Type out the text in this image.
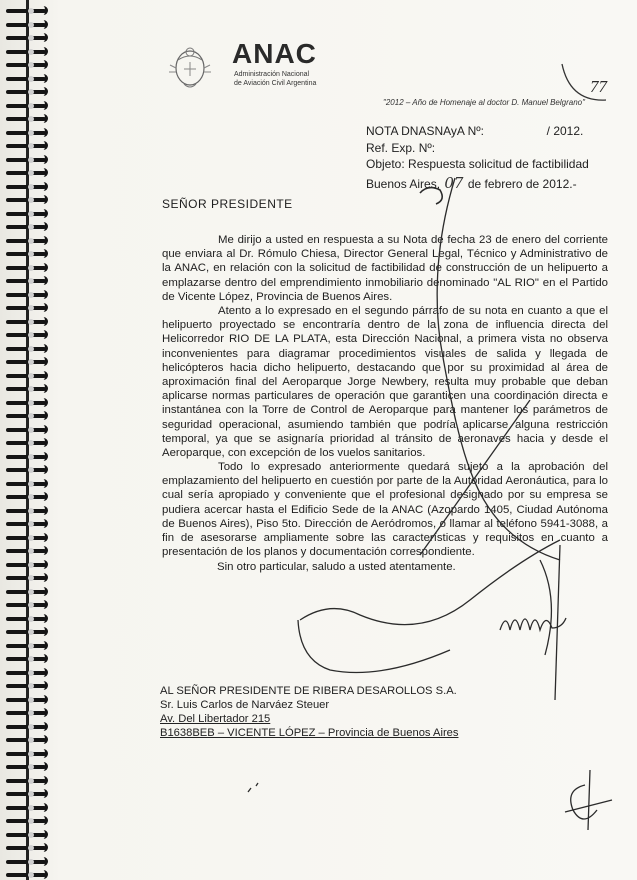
ANAC
Administración Nacional
de Aviación Civil Argentina
"2012 – Año de Homenaje al doctor D. Manuel Belgrano"
77
NOTA DNASNAyA Nº:	/ 2012.
Ref. Exp. Nº:
Objeto: Respuesta solicitud de factibilidad
Buenos Aires, 07 de febrero de 2012.-
SEÑOR PRESIDENTE
Me dirijo a usted en respuesta a su Nota de fecha 23 de enero del corriente que enviara al Dr. Rómulo Chiesa, Director General Legal, Técnico y Administrativo de la ANAC, en relación con la solicitud de factibilidad de construcción de un helipuerto a emplazarse dentro del emprendimiento inmobiliario denominado "AL RIO" en el Partido de Vicente López, Provincia de Buenos Aires.
Atento a lo expresado en el segundo párrafo de su nota en cuanto a que el helipuerto proyectado se encontraría dentro de la zona de influencia directa del Helicorredor RIO DE LA PLATA, esta Dirección Nacional, a primera vista no observa inconvenientes para diagramar procedimientos visuales de salida y llegada de helicópteros hacia dicho helipuerto, destacando que por su proximidad al área de aproximación final del Aeroparque Jorge Newbery, resulta muy probable que deban aplicarse normas particulares de operación que garanticen una coordinación directa e instantánea con la Torre de Control de Aeroparque para mantener los parámetros de seguridad operacional, asumiendo también que podría aplicarse alguna restricción temporal, ya que se asignaría prioridad al tránsito de aeronaves hacia y desde el Aeroparque, con excepción de los vuelos sanitarios.
Todo lo expresado anteriormente quedará sujeto a la aprobación del emplazamiento del helipuerto en cuestión por parte de la Autoridad Aeronáutica, para lo cual sería apropiado y conveniente que el profesional designado por su empresa se pudiera acercar hasta el Edificio Sede de la ANAC (Azopardo 1405, Ciudad Autónoma de Buenos Aires), Piso 5to. Dirección de Aeródromos, o llamar al teléfono 5941-3088, a fin de asesorarse ampliamente sobre las características y requisitos en cuanto a presentación de los planos y documentación correspondiente.
Sin otro particular, saludo a usted atentamente.
AL SEÑOR PRESIDENTE DE RIBERA DESAROLLOS S.A.
Sr. Luis Carlos de Narváez Steuer
Av. Del Libertador 215
B1638BEB – VICENTE LÓPEZ – Provincia de Buenos Aires
